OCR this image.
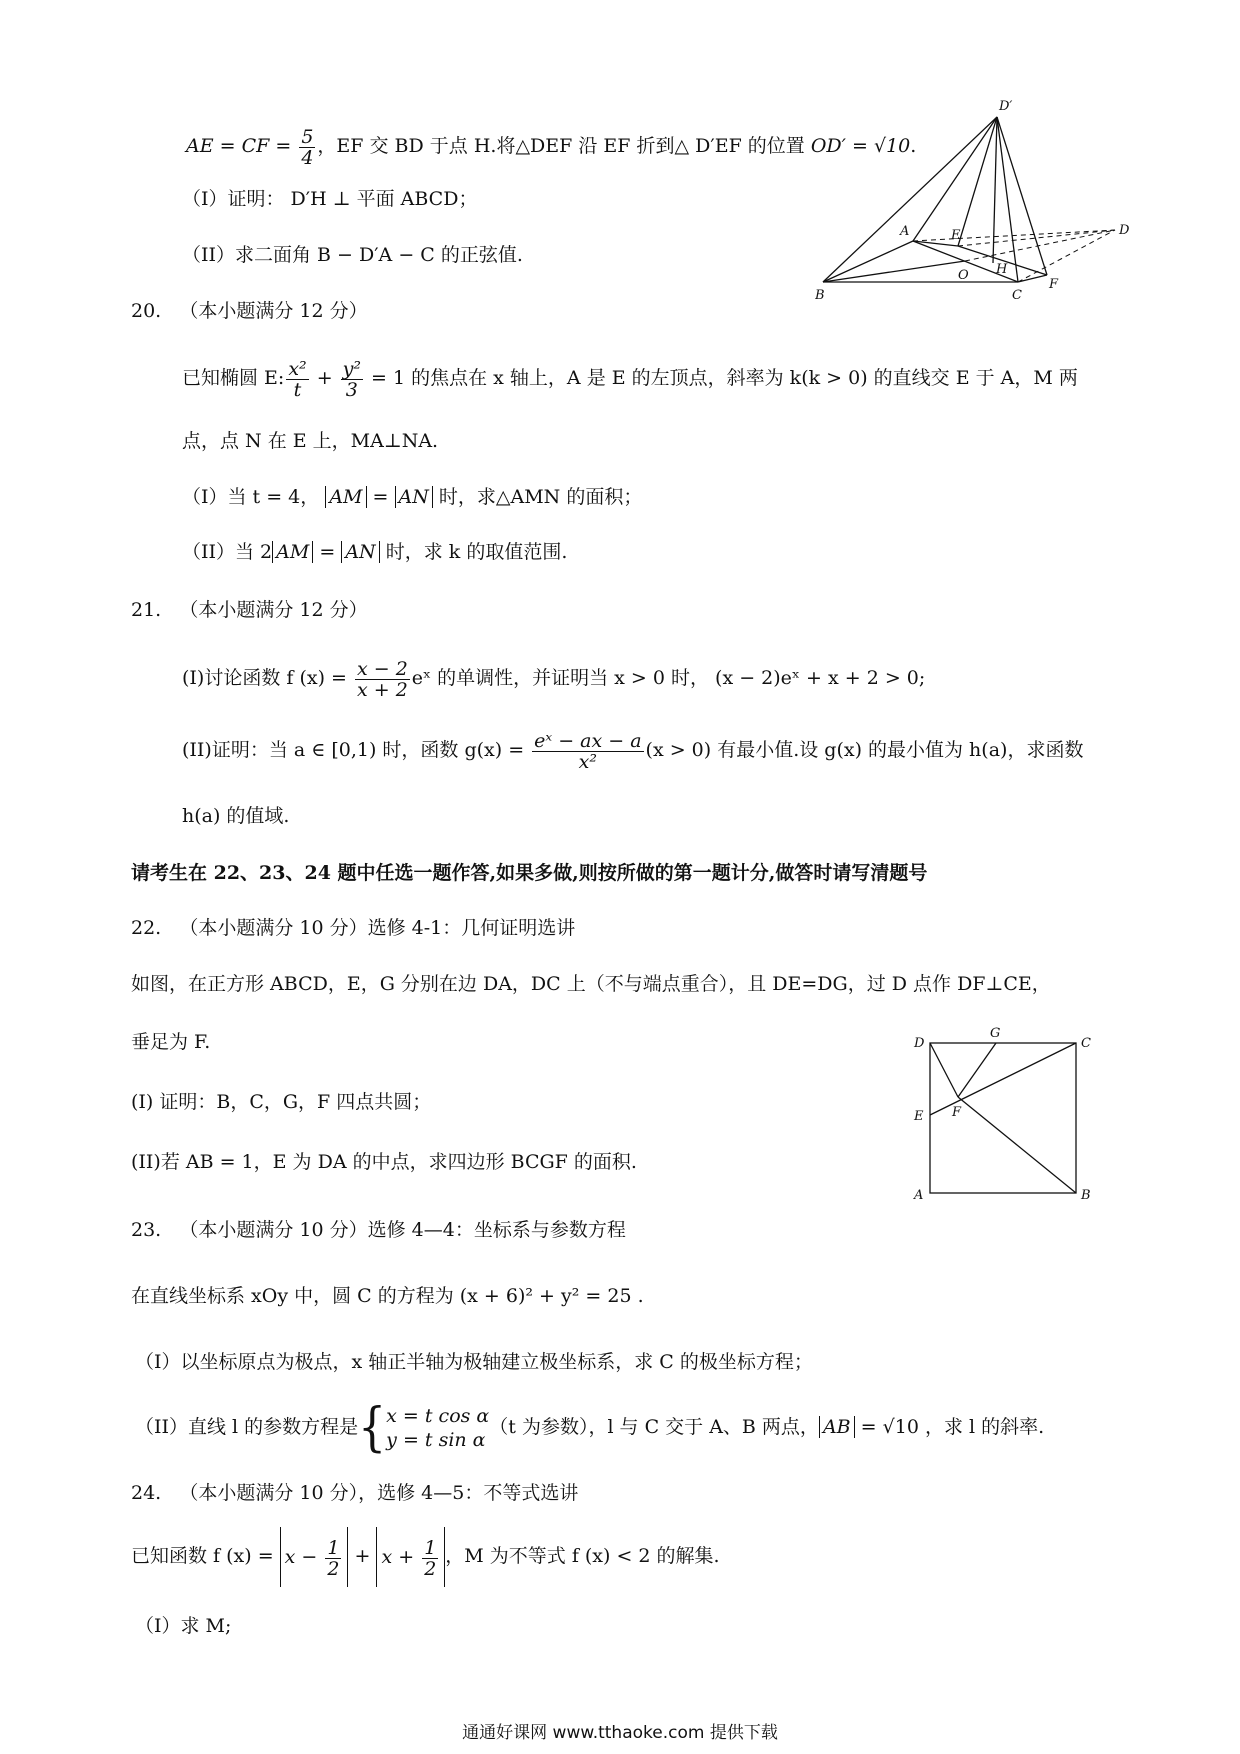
AE = CF = $\frac{5}{4}$ ，EF 交 BD 于点 H.将△DEF 沿 EF 折到△ D′EF 的位置 OD′ = √10.
（I）证明： D′H ⊥ 平面 ABCD；
（II）求二面角 B − D′A − C 的正弦值.
D′
A	E	D
O H
B	C
F
20. （本小题满分 12 分）
已知椭圆 E: $\frac{\text{x²}}{t} + \frac{\text{y²}}{3} = 1$ 的焦点在 x 轴上，A 是 E 的左顶点，斜率为 k(k > 0) 的直线交 E 于 A，M 两
点，点 N 在 E 上，MA⊥NA.
（I）当 t = 4， AM = AN 时，求△AMN 的面积；
（II）当 2 AM = AN 时，求 k 的取值范围.
21. （本小题满分 12 分）
(I)讨论函数 f $(x) = \frac{x - 2}{x + 2}$ eˣ 的单调性，并证明当 x > 0 时， (x − 2)eˣ + x + 2 > 0;
(II)证明：当 a ∈ [0,1) 时，函数 $g(x) = \frac{\text{eˣ − ax − a}}{\text{x²}} (x > 0)$ 有最小值.设 g(x) 的最小值为 h(a)，求函数
h(a) 的值域.
请考生在 22、23、24 题中任选一题作答,如果多做,则按所做的第一题计分,做答时请写清题号
22. （本小题满分 10 分）选修 4-1：几何证明选讲
如图，在正方形 ABCD，E，G 分别在边 DA，DC 上（不与端点重合），且 DE=DG，过 D 点作 DF⊥CE，
垂足为 F.
(I) 证明：B，C，G，F 四点共圆；
(II)若 AB = 1，E 为 DA 的中点，求四边形 BCGF 的面积.
D
G
C
E F
A	B
23. （本小题满分 10 分）选修 4—4：坐标系与参数方程
在直线坐标系 xOy 中，圆 C 的方程为 (x + 6)² + y² = 25 .
（I）以坐标原点为极点，x 轴正半轴为极轴建立极坐标系，求 C 的极坐标方程；
（II）直线 l 的参数方程是{ x = t cos α
y = t sin α
（t 为参数），l 与 C 交于 A、B 两点， AB = √10 ，求 l 的斜率.
24. （本小题满分 10 分），选修 4—5：不等式选讲
已知函数 f $(x) = x - \frac{1}{2} + x + \frac{1}{2}$ ，M 为不等式 f (x) < 2 的解集.
（I）求 M;
通通好课网 www.tthaoke.com 提供下载
